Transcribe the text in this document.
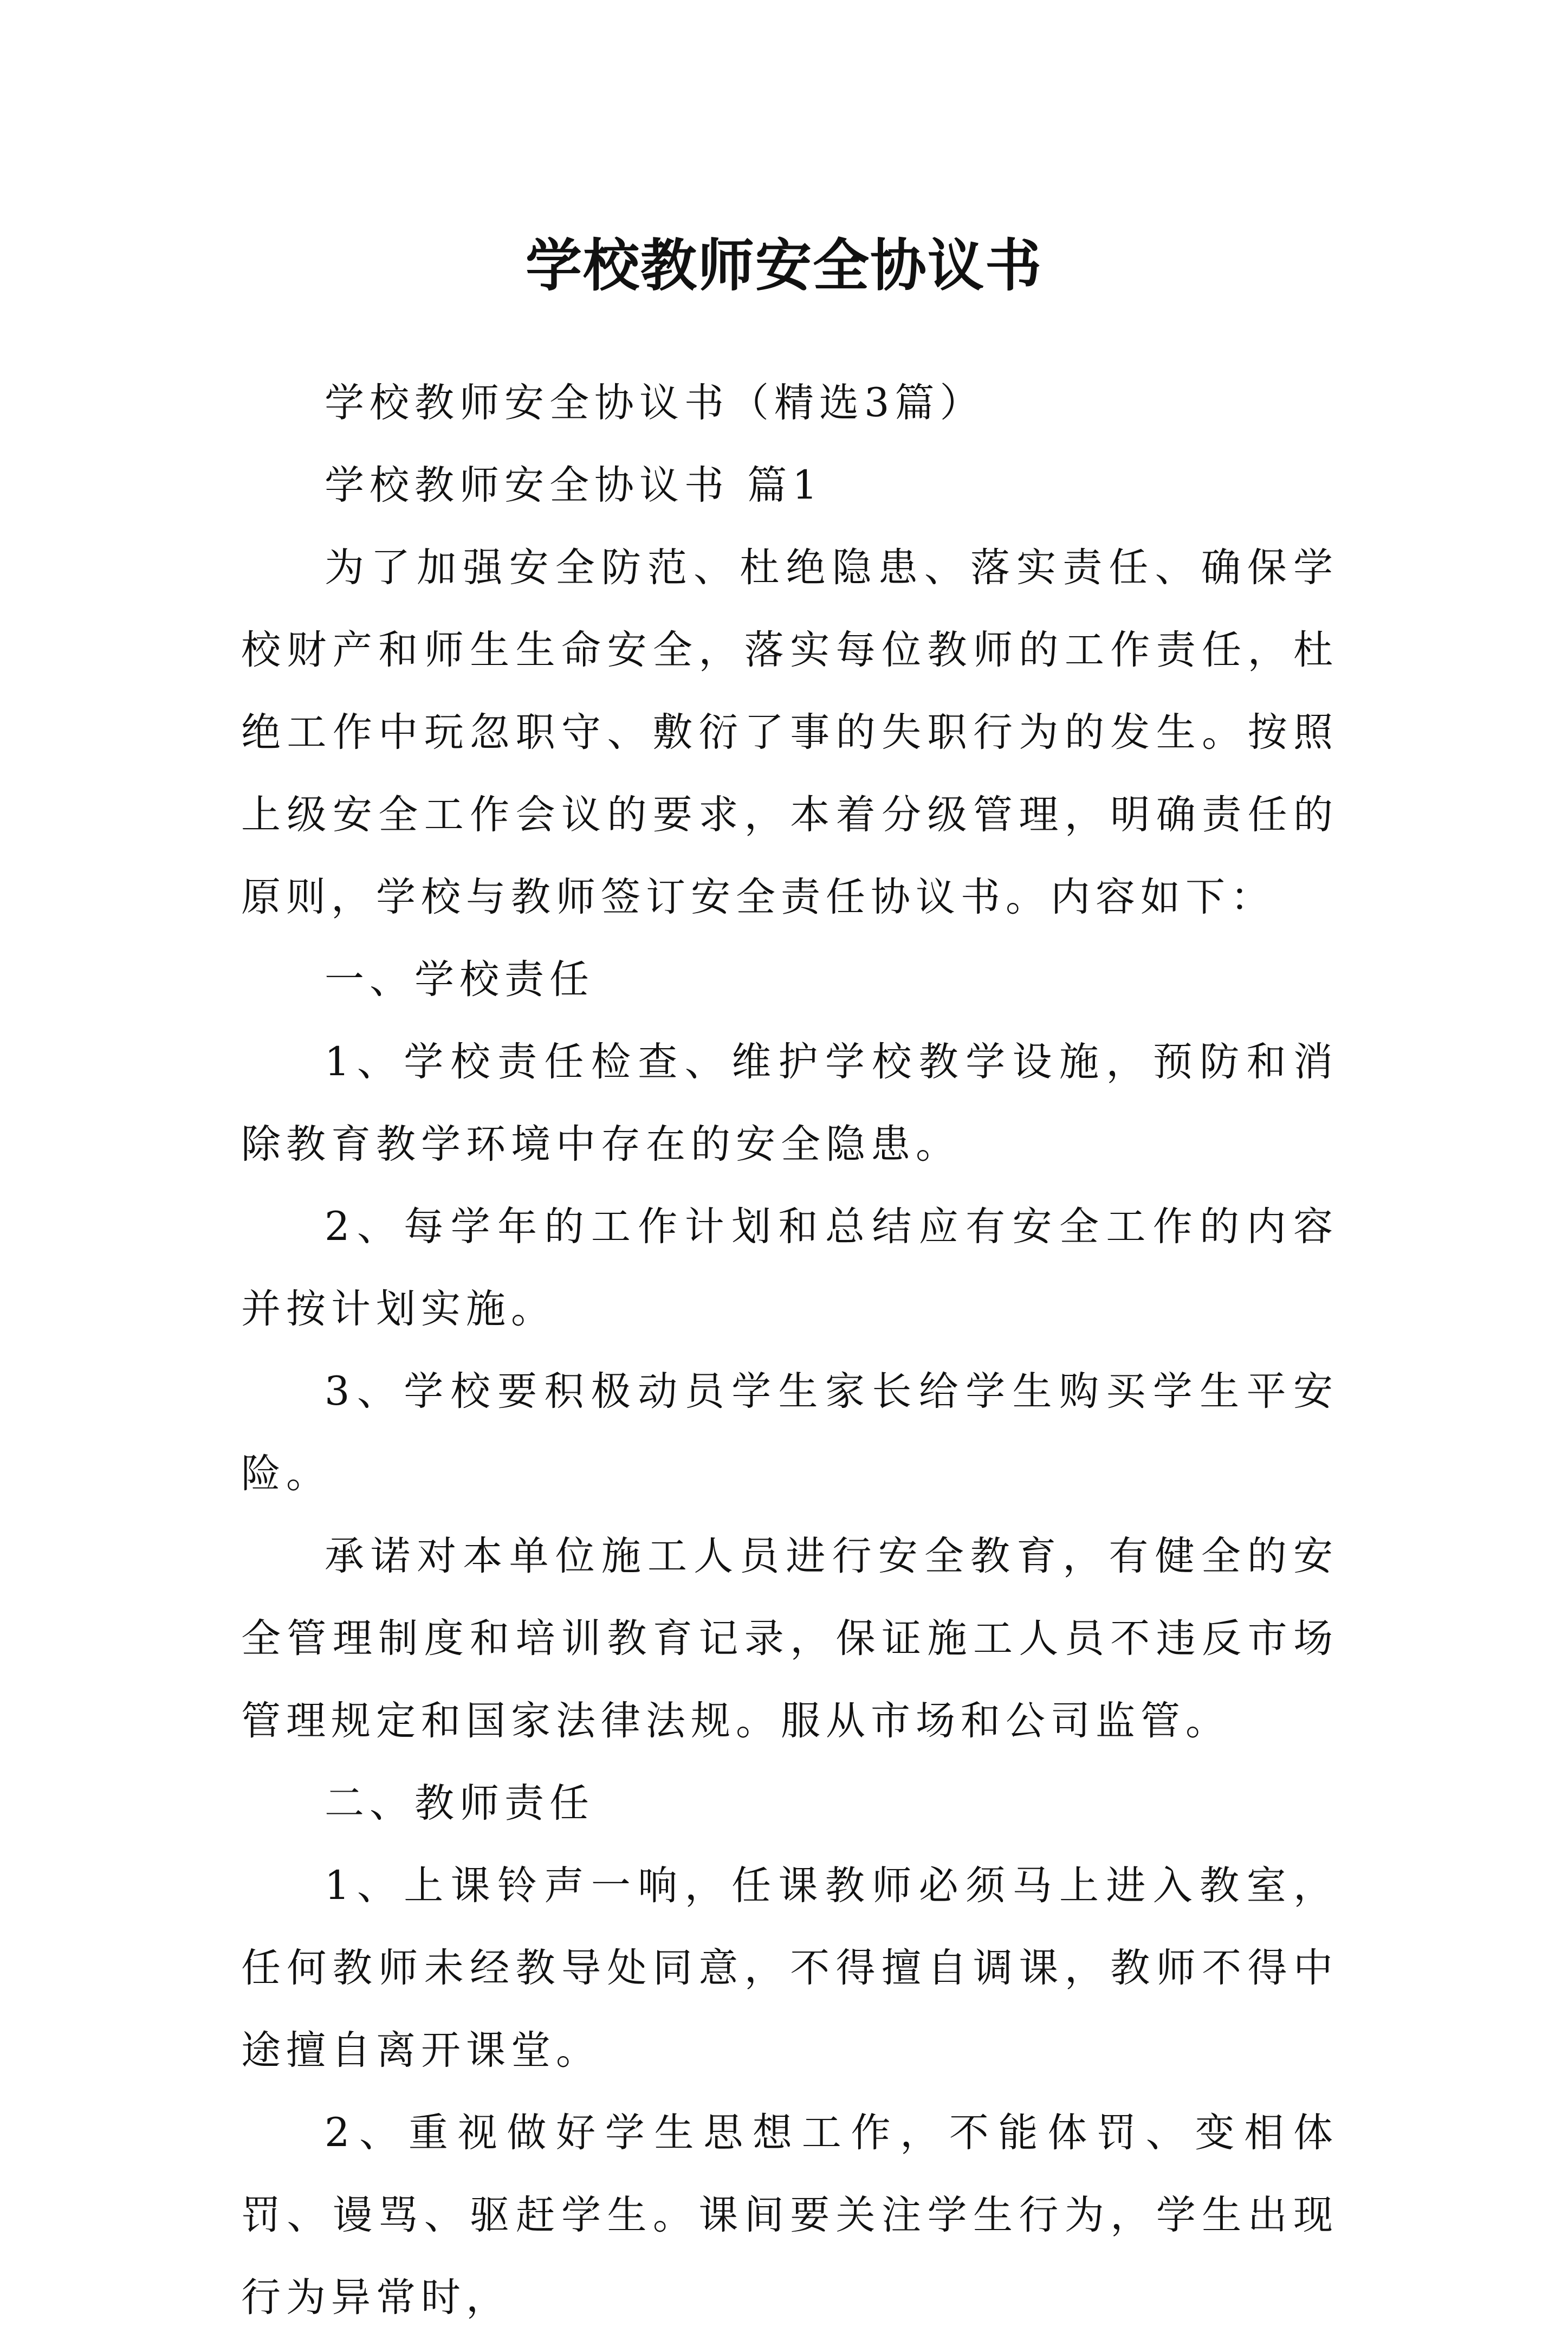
学校教师安全协议书

学校教师安全协议书（精选3篇）

学校教师安全协议书 篇1

为了加强安全防范、杜绝隐患、落实责任、确保学校财产和师生生命安全，落实每位教师的工作责任，杜绝工作中玩忽职守、敷衍了事的失职行为的发生。按照上级安全工作会议的要求，本着分级管理，明确责任的原则，学校与教师签订安全责任协议书。内容如下：

一、学校责任

1、学校责任检查、维护学校教学设施，预防和消除教育教学环境中存在的安全隐患。

2、每学年的工作计划和总结应有安全工作的内容并按计划实施。

3、学校要积极动员学生家长给学生购买学生平安险。

承诺对本单位施工人员进行安全教育，有健全的安全管理制度和培训教育记录，保证施工人员不违反市场管理规定和国家法律法规。服从市场和公司监管。

二、教师责任

1、上课铃声一响，任课教师必须马上进入教室，任何教师未经教导处同意，不得擅自调课，教师不得中途擅自离开课堂。

2、重视做好学生思想工作，不能体罚、变相体罚、谩骂、驱赶学生。课间要关注学生行为，学生出现行为异常时，
